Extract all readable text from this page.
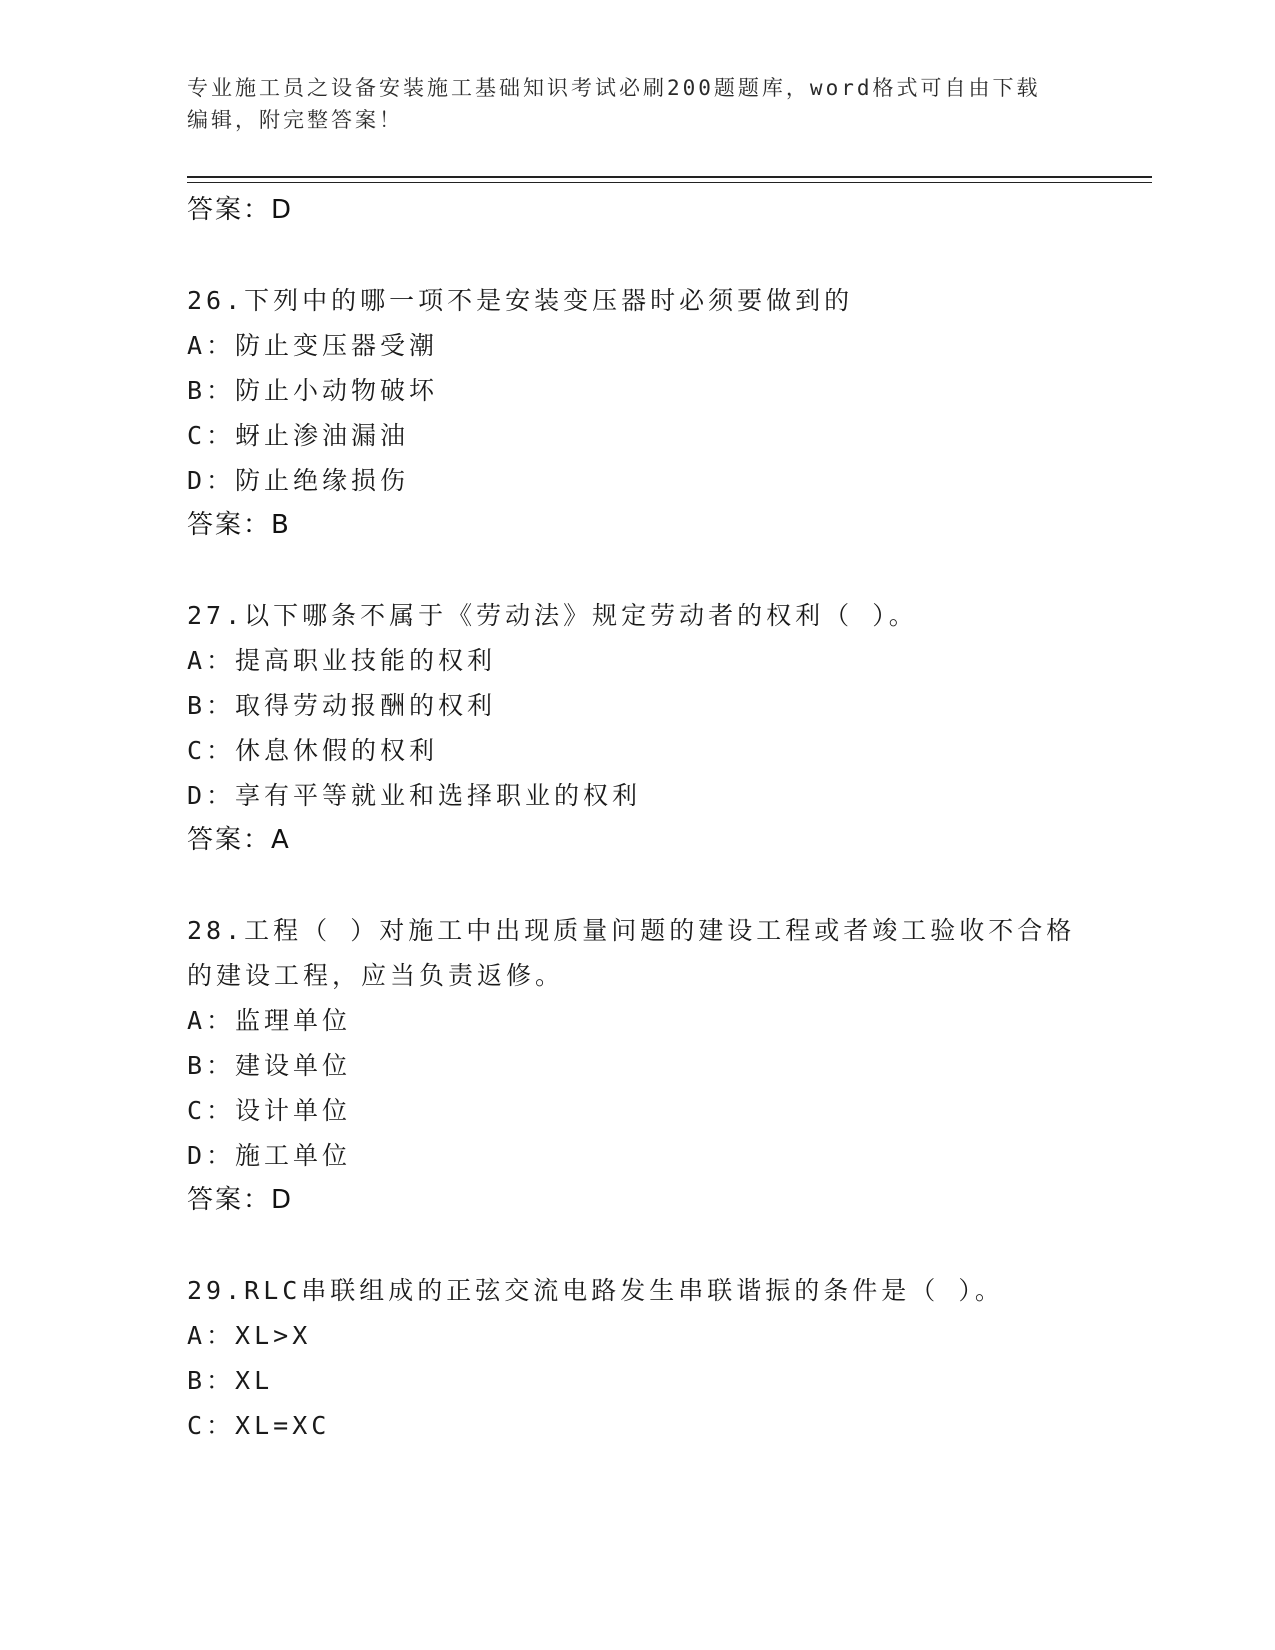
专业施工员之设备安装施工基础知识考试必刷200题题库，word格式可自由下载
编辑，附完整答案！
答案：D
26.下列中的哪一项不是安装变压器时必须要做到的
A：防止变压器受潮
B：防止小动物破坏
C：蚜止渗油漏油
D：防止绝缘损伤
答案：B
27.以下哪条不属于《劳动法》规定劳动者的权利（ ）。
A：提高职业技能的权利
B：取得劳动报酬的权利
C：休息休假的权利
D：享有平等就业和选择职业的权利
答案：A
28.工程（ ）对施工中出现质量问题的建设工程或者竣工验收不合格
的建设工程，应当负责返修。
A：监理单位
B：建设单位
C：设计单位
D：施工单位
答案：D
29.RLC串联组成的正弦交流电路发生串联谐振的条件是（ ）。
A：XL>X
B：XL
C：XL=XC
